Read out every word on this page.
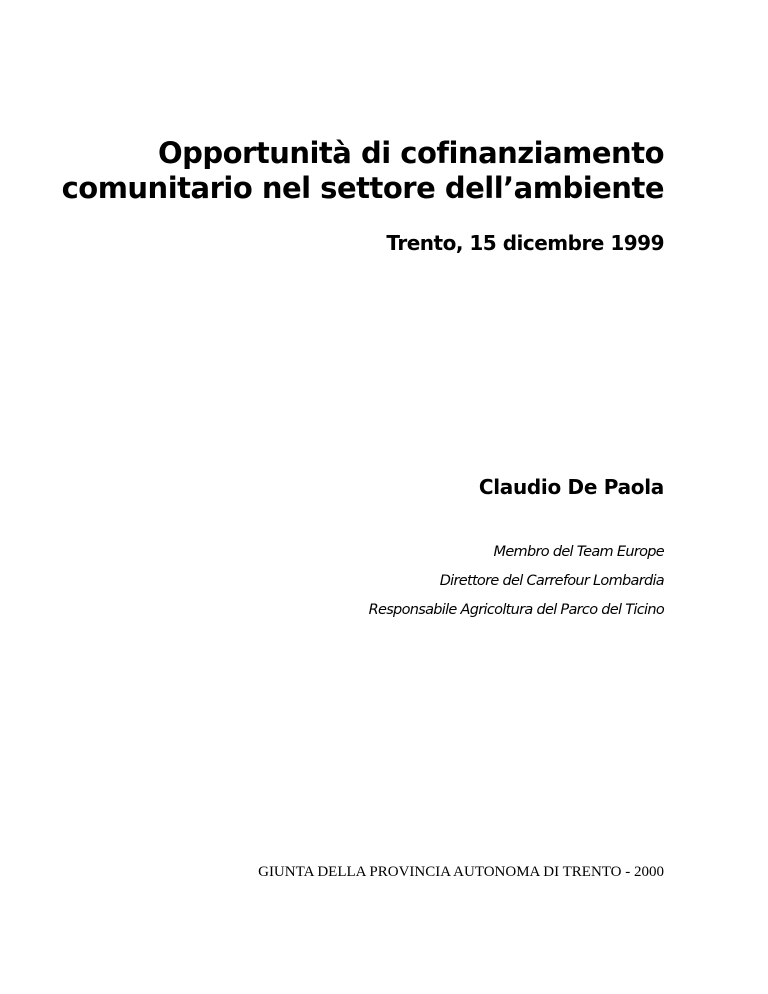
Opportunità di cofinanziamento
comunitario nel settore dell’ambiente
Trento, 15 dicembre 1999
Claudio De Paola
Membro del Team Europe
Direttore del Carrefour Lombardia
Responsabile Agricoltura del Parco del Ticino
GIUNTA DELLA PROVINCIA AUTONOMA DI TRENTO - 2000
